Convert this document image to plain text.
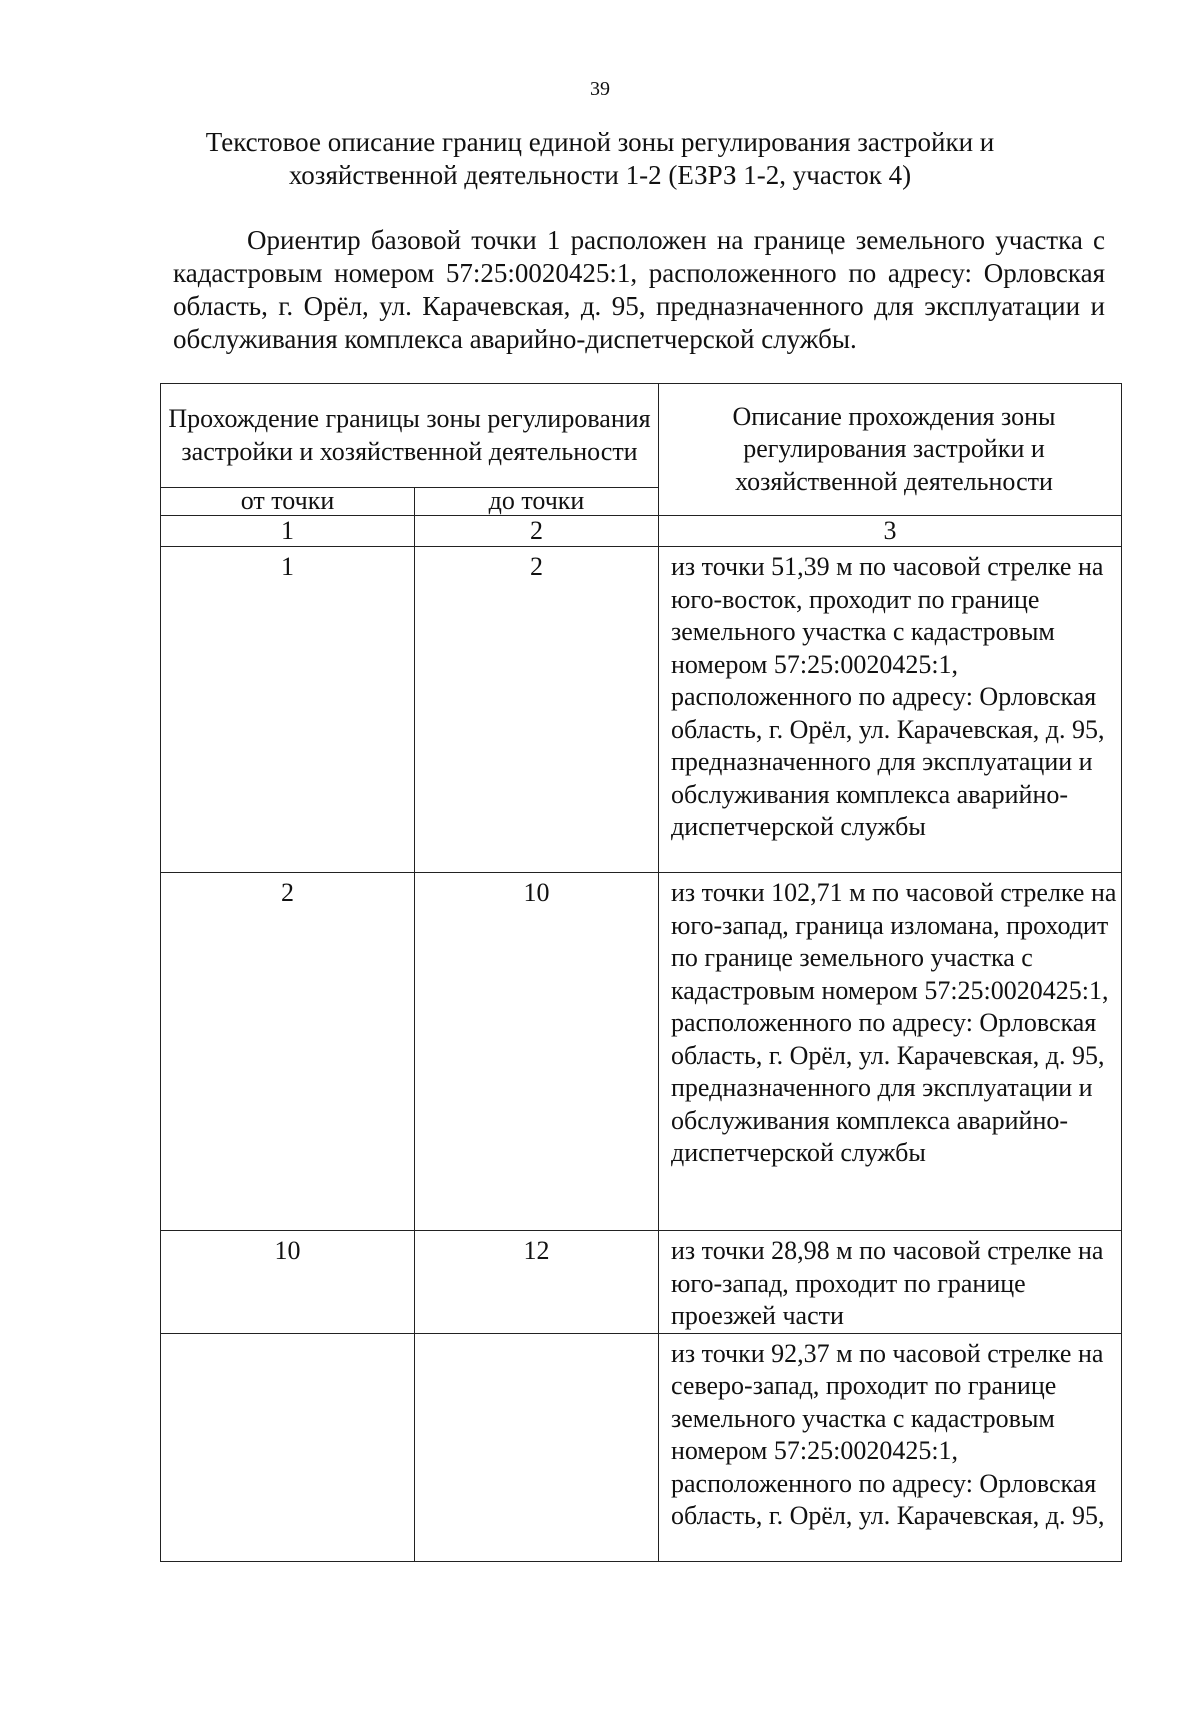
39
Текстовое описание границ единой зоны регулирования застройки и хозяйственной деятельности 1-2 (ЕЗРЗ 1-2, участок 4)
Ориентир базовой точки 1 расположен на границе земельного участка с кадастровым номером 57:25:0020425:1, расположенного по адресу: Орловская область, г. Орёл, ул. Карачевская, д. 95, предназначенного для эксплуатации и обслуживания комплекса аварийно-диспетчерской службы.
Прохождение границы зоны регулирования застройки и хозяйственной деятельности		Описание прохождения зоны регулирования застройки и хозяйственной деятельности
от точки	до точки	
1	2	3

1	2	из точки 51,39 м по часовой стрелке на юго-восток, проходит по границе земельного участка с кадастровым номером 57:25:0020425:1, расположенного по адресу: Орловская область, г. Орёл, ул. Карачевская, д. 95, предназначенного для эксплуатации и обслуживания комплекса аварийно-диспетчерской службы

2	10	из точки 102,71 м по часовой стрелке на юго-запад, граница изломана, проходит по границе земельного участка с кадастровым номером 57:25:0020425:1, расположенного по адресу: Орловская область, г. Орёл, ул. Карачевская, д. 95, предназначенного для эксплуатации и обслуживания комплекса аварийно-диспетчерской службы

10	12	из точки 28,98 м по часовой стрелке на юго-запад, проходит по границе проезжей части

		из точки 92,37 м по часовой стрелке на северо-запад, проходит по границе земельного участка с кадастровым номером 57:25:0020425:1, расположенного по адресу: Орловская область, г. Орёл, ул. Карачевская, д. 95,
